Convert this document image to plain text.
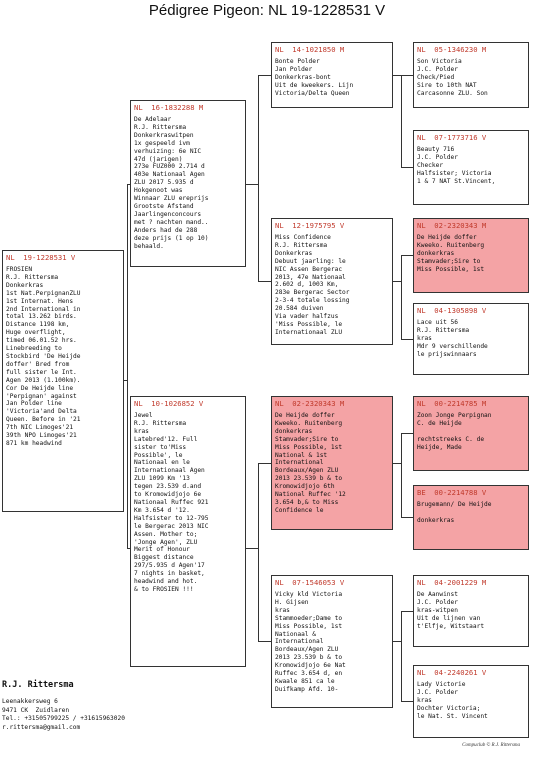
Pédigree Pigeon: NL 19-1228531 V
NL  19-1228531 V
FROSIEN
R.J. Rittersma
Donkerkras
1st Nat.PerpignanZLU
1st Internat. Hens
2nd International in
total 13.262 birds.
Distance 1198 km,
Huge overflight,
timed 06.01.52 hrs.
Linebreeding to
Stockbird 'De Heijde
doffer' Bred from
full sister le Int.
Agen 2013 (1.100km).
Cor De Heijde line
'Perpignan' against
Jan Polder line
'Victoria'and Delta
Queen. Before in '21
7th NIC Limoges'21
39th NPO Limoges'21
871 km headwind
NL  16-1832288 M
De Adelaar
R.J. Rittersma
Donkerkraswitpen
1x gespeeld ivm
verhuizing: 6e NIC
47d (jarigen)
273e FUZ000 2.714 d
403e Nationaal Agen
ZLU 2017 5.935 d
Hokgenoot was
Winnaar ZLU ereprijs
Grootste Afstand
Jaarlingenconcours
met ? nachten mand..
Anders had de 288
deze prijs (1 op 10)
behaald.
NL  10-1026852 V
Jewel
R.J. Rittersma
kras
Latebred'12. Full
sister to'Miss
Possible', le
Nationaal en le
Internationaal Agen
ZLU 1099 Km '13
tegen 23.539 d.and
to Kromowidjojo 6e
Nationaal Ruffec 921
Km 3.654 d '12.
Halfsister to 12-795
le Bergerac 2013 NIC
Assen. Mother to;
'Jonge Agen', ZLU
Merit of Honour
Biggest distance
297/5.935 d Agen'17
7 nights in basket,
headwind and hot.
& to FROSIEN !!!
NL  14-1021850 M
Bonte Polder
Jan Polder
Donkerkras-bont
Uit de kweekers. Lijn
Victoria/Delta Queen
NL  12-1975795 V
Miss Confidence
R.J. Rittersma
Donkerkras
Debuut jaarling: le
NIC Assen Bergerac
2013, 47e Nationaal
2.602 d, 1003 Km,
283e Bergerac Sector
2-3-4 totale lossing
20.584 duiven
Via vader halfzus
'Miss Possible, le
Internationaal ZLU
NL  02-2320343 M
De Heijde doffer
Kweeko. Ruitenberg
donkerkras
Stamvader;Sire to
Miss Possible, 1st
National & 1st
International
Bordeaux/Agen ZLU
2013 23.539 b & to
Kromowidjojo 6th
National Ruffec '12
3.654 b,& to Miss
Confidence le
NL  07-1546053 V
Vicky kld Victoria
H. Gijsen
kras
Stammoeder;Dame to
Miss Possible, 1st
Nationaal &
International
Bordeaux/Agen ZLU
2013 23.539 b & to
Kromowidjojo 6e Nat
Ruffec 3.654 d, en
Kwaale 851 ca le
Duifkamp Afd. 10-
NL  05-1346230 M
Son Victoria
J.C. Polder
Check/Pied
Sire to 10th NAT
Carcasonne ZLU. Son
NL  07-1773716 V
Beauty 716
J.C. Polder
Checker
Halfsister; Victoria
1 & 7 NAT St.Vincent,
NL  02-2320343 M
De Heijde doffer
Kweeko. Ruitenberg
donkerkras
Stamvader;Sire to
Miss Possible, 1st
NL  04-1305898 V
Lace uit 56
R.J. Rittersma
kras
Mdr 9 verschillende
le prijswinnaars
NL  00-2214785 M
Zoon Jonge Perpignan
C. de Heijde

rechtstreeks C. de
Heijde, Made
BE  00-2214788 V
Brugemann/ De Heijde

donkerkras
NL  04-2001229 M
De Aanwinst
J.C. Polder
kras-witpen
Uit de lijnen van
t'Elfje, Witstaart
NL  04-2240261 V
Lady Victorie
J.C. Polder
kras
Dochter Victoria;
le Nat. St. Vincent
R.J. Rittersma
Leenakkersweg 6
9471 CK  Zuidlaren
Tel.: +31505799225 / +31615963020
r.rittersma@gmail.com
Compuclub © R.J. Rittersma
